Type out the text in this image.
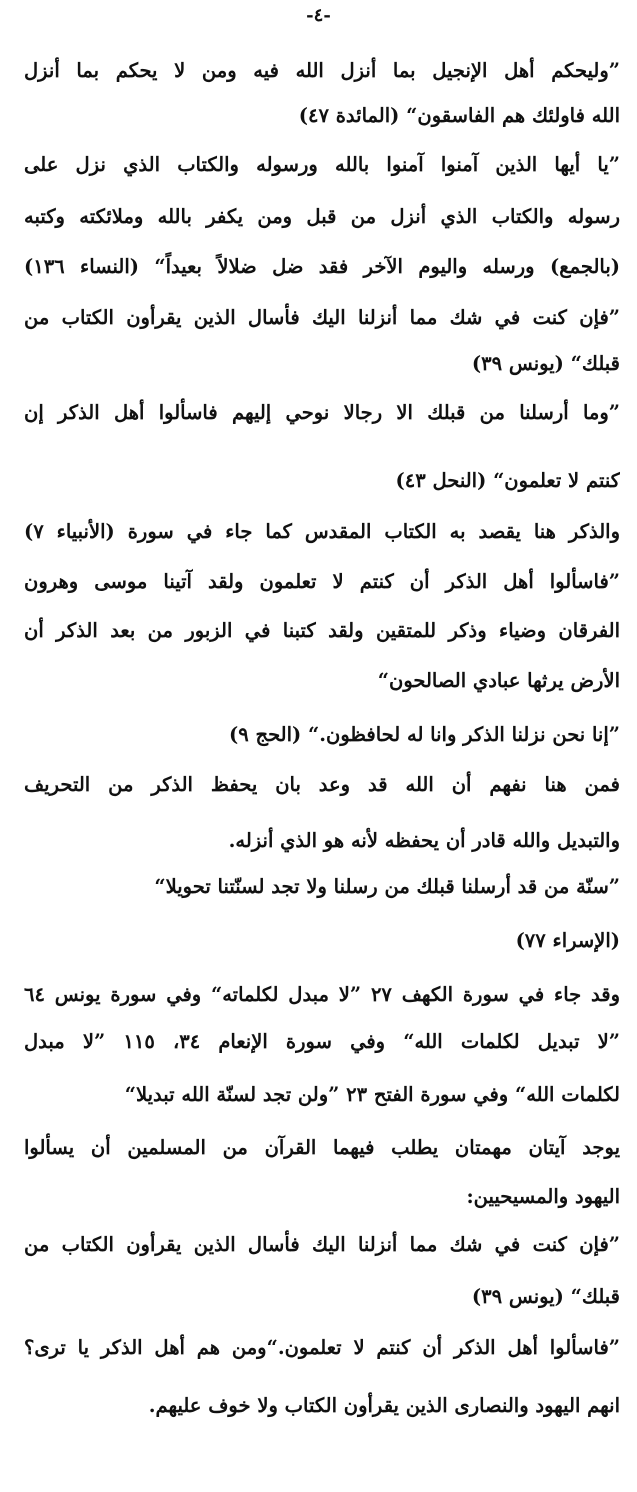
-٤-
”وليحكم أهل الإنجيل بما أنزل الله فيه ومن لا يحكم بما أنزل
الله فاولئك هم الفاسقون“ (المائدة ٤٧)
”يا أيها الذين آمنوا آمنوا بالله ورسوله والكتاب الذي نزل على
رسوله والكتاب الذي أنزل من قبل ومن يكفر بالله وملائكته وكتبه
(بالجمع) ورسله واليوم الآخر فقد ضل ضلالاً بعيداً“ (النساء ١٣٦)
”فإن كنت في شك مما أنزلنا اليك فأسال الذين يقرأون الكتاب من
قبلك“ (يونس ٣٩)
”وما أرسلنا من قبلك الا رجالا نوحي إليهم فاسألوا أهل الذكر إن
كنتم لا تعلمون“ (النحل ٤٣)
والذكر هنا يقصد به الكتاب المقدس كما جاء في سورة (الأنبياء ٧)
”فاسألوا أهل الذكر أن كنتم لا تعلمون ولقد آتينا موسى وهرون
الفرقان وضياء وذكر للمتقين ولقد كتبنا في الزبور من بعد الذكر أن
الأرض يرثها عبادي الصالحون“
”إنا نحن نزلنا الذكر وانا له لحافظون.“ (الحج ٩)
فمن هنا نفهم أن الله قد وعد بان يحفظ الذكر من التحريف
والتبديل والله قادر أن يحفظه لأنه هو الذي أنزله.
”سنّة من قد أرسلنا قبلك من رسلنا ولا تجد لسنّتنا تحويلا“
(الإسراء ٧٧)
وقد جاء في سورة الكهف ٢٧ ”لا مبدل لكلماته“ وفي سورة يونس ٦٤
”لا تبديل لكلمات الله“ وفي سورة الإنعام ٣٤، ١١٥ ”لا مبدل
لكلمات الله“ وفي سورة الفتح ٢٣ ”ولن تجد لسنّة الله تبديلا“
يوجد آيتان مهمتان يطلب فيهما القرآن من المسلمين أن يسألوا
اليهود والمسيحيين:
”فإن كنت في شك مما أنزلنا اليك فأسال الذين يقرأون الكتاب من
قبلك“ (يونس ٣٩)
”فاسألوا أهل الذكر أن كنتم لا تعلمون.“ومن هم أهل الذكر يا ترى؟
انهم اليهود والنصارى الذين يقرأون الكتاب ولا خوف عليهم.
